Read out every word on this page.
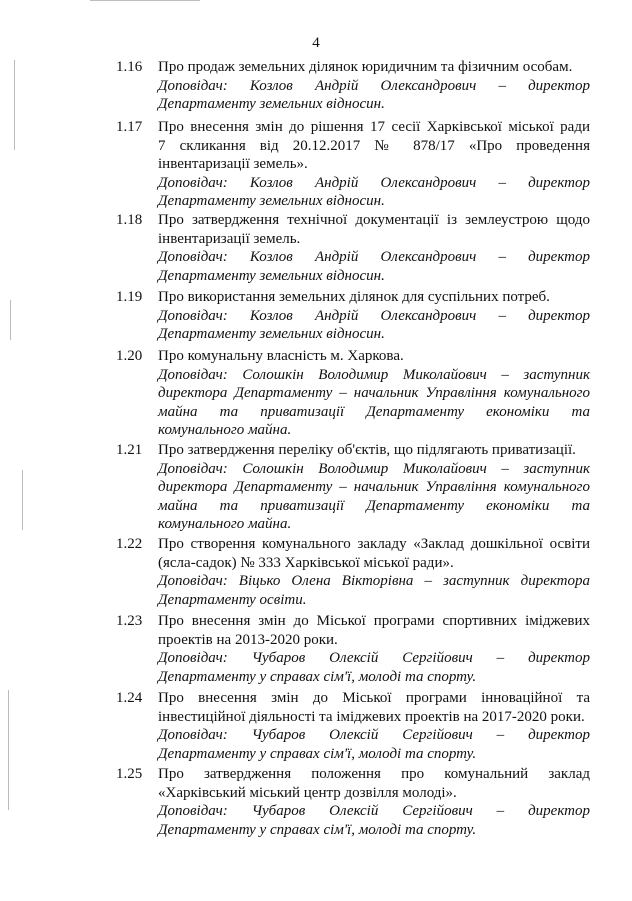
4
1.16 Про продаж земельних ділянок юридичним та фізичним особам.
Доповідач: Козлов Андрій Олександрович – директор
Департаменту земельних відносин.
1.17 Про внесення змін до рішення 17 сесії Харківської міської ради
7 скликання від 20.12.2017 № 878/17 «Про проведення
інвентаризації земель».
Доповідач: Козлов Андрій Олександрович – директор
Департаменту земельних відносин.
1.18 Про затвердження технічної документації із землеустрою щодо
інвентаризації земель.
Доповідач: Козлов Андрій Олександрович – директор
Департаменту земельних відносин.
1.19 Про використання земельних ділянок для суспільних потреб.
Доповідач: Козлов Андрій Олександрович – директор
Департаменту земельних відносин.
1.20 Про комунальну власність м. Харкова.
Доповідач: Солошкін Володимир Миколайович – заступник
директора Департаменту – начальник Управління комунального
майна та приватизації Департаменту економіки та
комунального майна.
1.21 Про затвердження переліку об'єктів, що підлягають приватизації.
Доповідач: Солошкін Володимир Миколайович – заступник
директора Департаменту – начальник Управління комунального
майна та приватизації Департаменту економіки та
комунального майна.
1.22 Про створення комунального закладу «Заклад дошкільної освіти
(ясла-садок) № 333 Харківської міської ради».
Доповідач: Віцько Олена Вікторівна – заступник директора
Департаменту освіти.
1.23 Про внесення змін до Міської програми спортивних іміджевих
проектів на 2013-2020 роки.
Доповідач: Чубаров Олексій Сергійович – директор
Департаменту у справах сім'ї, молоді та спорту.
1.24 Про внесення змін до Міської програми інноваційної та
інвестиційної діяльності та іміджевих проектів на 2017-2020 роки.
Доповідач: Чубаров Олексій Сергійович – директор
Департаменту у справах сім'ї, молоді та спорту.
1.25 Про затвердження положення про комунальний заклад
«Харківський міський центр дозвілля молоді».
Доповідач: Чубаров Олексій Сергійович – директор
Департаменту у справах сім'ї, молоді та спорту.
